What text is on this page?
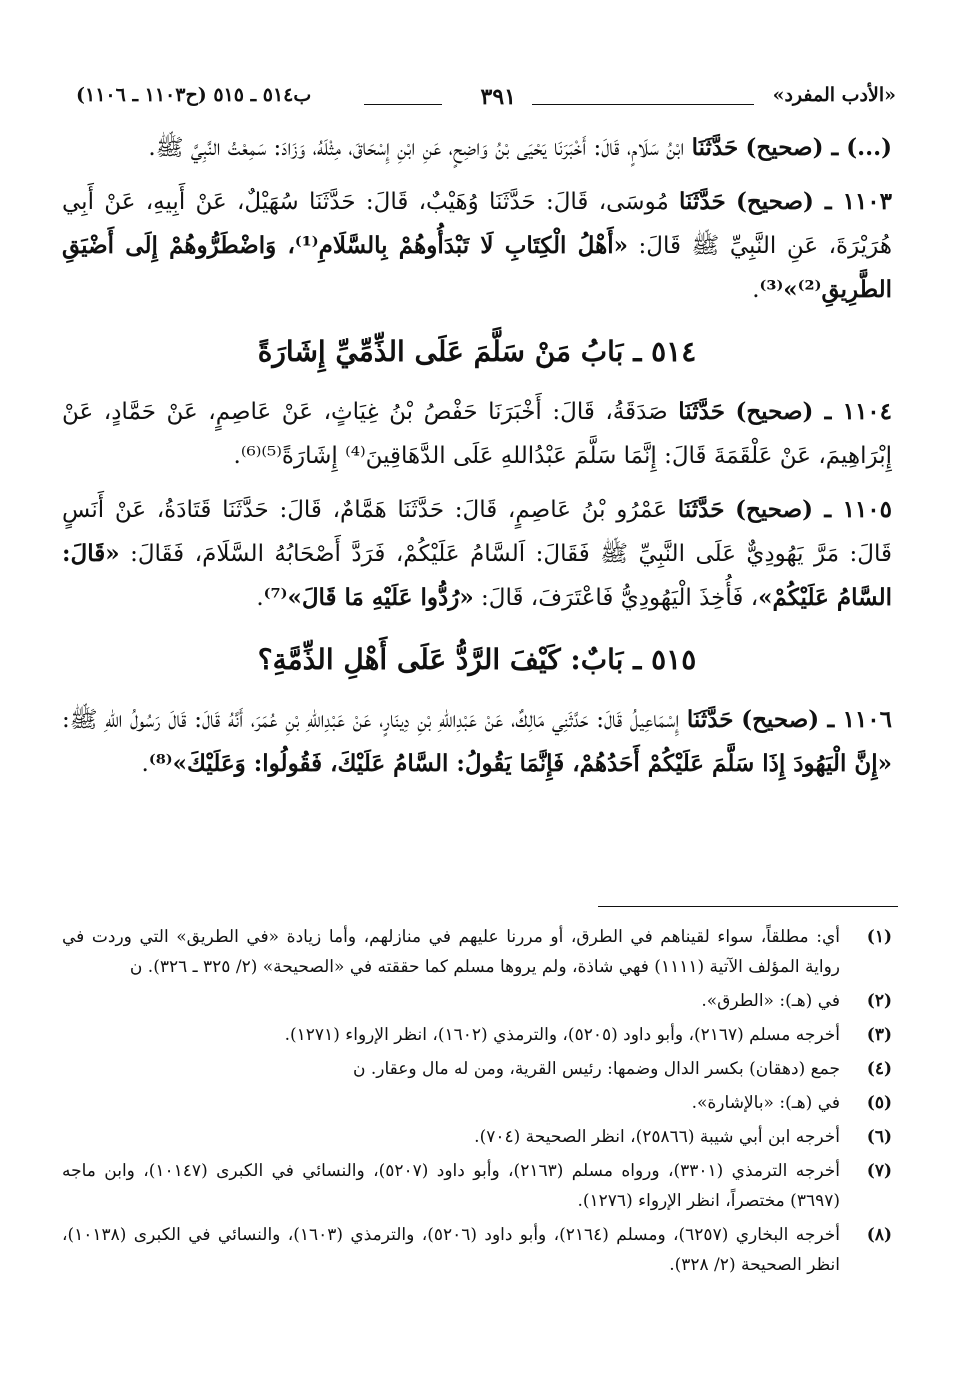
«الأدب المفرد»
٣٩١
ب٥١٤ ـ ٥١٥ (ح١١٠٣ ـ ١١٠٦)

(...) ـ (صحيح) حَدَّثَنَا ابْنُ سَلَامٍ، قَالَ: أَخْبَرَنَا يَحْيَى بْنُ وَاضِحٍ، عَنِ ابْنِ إِسْحَاقَ، مِثْلَهُ، وَزَادَ: سَمِعْتُ النَّبِيَّ ﷺ.

١١٠٣ ـ (صحيح) حَدَّثَنَا مُوسَى، قَالَ: حَدَّثَنَا وُهَيْبٌ، قَالَ: حَدَّثَنَا سُهَيْلٌ، عَنْ أَبِيهِ، عَنْ أَبِي هُرَيْرَةَ، عَنِ النَّبِيِّ ﷺ قَالَ: «أَهْلُ الْكِتَابِ لَا تَبْدَأُوهُمْ بِالسَّلَامِ⁽¹⁾، وَاضْطَرُّوهُمْ إِلَى أَضْيَقِ الطَّرِيقِ⁽²⁾»⁽³⁾.

٥١٤ ـ بَابُ مَنْ سَلَّمَ عَلَى الذِّمِّيِّ إِشَارَةً

١١٠٤ ـ (صحيح) حَدَّثَنَا صَدَقَةُ، قَالَ: أَخْبَرَنَا حَفْصُ بْنُ غِيَاثٍ، عَنْ عَاصِمٍ، عَنْ حَمَّادٍ، عَنْ إِبْرَاهِيمَ، عَنْ عَلْقَمَةَ قَالَ: إِنَّمَا سَلَّمَ عَبْدُاللهِ عَلَى الدَّهَاقِينَ⁽⁴⁾ إِشَارَةً⁽⁵⁾⁽⁶⁾.

١١٠٥ ـ (صحيح) حَدَّثَنَا عَمْرُو بْنُ عَاصِمٍ، قَالَ: حَدَّثَنَا هَمَّامٌ، قَالَ: حَدَّثَنَا قَتَادَةُ، عَنْ أَنَسٍ قَالَ: مَرَّ يَهُودِيٌّ عَلَى النَّبِيِّ ﷺ فَقَالَ: اَلسَّامُ عَلَيْكُمْ، فَرَدَّ أَصْحَابُهُ السَّلَامَ، فَقَالَ: «قَالَ: السَّامُ عَلَيْكُمْ»، فَأُخِذَ الْيَهُودِيُّ فَاعْتَرَفَ، قَالَ: «رُدُّوا عَلَيْهِ مَا قَالَ»⁽⁷⁾.

٥١٥ ـ بَابٌ: كَيْفَ الرَّدُّ عَلَى أَهْلِ الذِّمَّةِ؟

١١٠٦ ـ (صحيح) حَدَّثَنَا إِسْمَاعِيلُ قَالَ: حَدَّثَنِي مَالِكٌ، عَنْ عَبْدِاللهِ بْنِ دِينَارٍ، عَنْ عَبْدِاللهِ بْنِ عُمَرَ، أَنَّهُ قَالَ: قَالَ رَسُولُ اللهِ ﷺ: «إِنَّ الْيَهُودَ إِذَا سَلَّمَ عَلَيْكُمْ أَحَدُهُمْ، فَإِنَّمَا يَقُولُ: السَّامُ عَلَيْكَ، فَقُولُوا: وَعَلَيْكَ»⁽⁸⁾.

(١)
أي: مطلقاً، سواء لقيناهم في الطرق، أو مررنا عليهم في منازلهم، وأما زيادة «في الطريق» التي وردت في رواية المؤلف الآتية (١١١١) فهي شاذة، ولم يروها مسلم كما حققته في «الصحيحة» (٢/ ٣٢٥ ـ ٣٢٦). ن
(٢)
في (هـ): «الطرق».
(٣)
أخرجه مسلم (٢١٦٧)، وأبو داود (٥٢٠٥)، والترمذي (١٦٠٢)، انظر الإرواء (١٢٧١).
(٤)
جمع (دهقان) بكسر الدال وضمها: رئيس القرية، ومن له مال وعقار. ن
(٥)
في (هـ): «بالإشارة».
(٦)
أخرجه ابن أبي شيبة (٢٥٨٦٦)، انظر الصحيحة (٧٠٤).
(٧)
أخرجه الترمذي (٣٣٠١)، ورواه مسلم (٢١٦٣)، وأبو داود (٥٢٠٧)، والنسائي في الكبرى (١٠١٤٧)، وابن ماجه (٣٦٩٧) مختصراً، انظر الإرواء (١٢٧٦).
(٨)
أخرجه البخاري (٦٢٥٧)، ومسلم (٢١٦٤)، وأبو داود (٥٢٠٦)، والترمذي (١٦٠٣)، والنسائي في الكبرى (١٠١٣٨)، انظر الصحيحة (٢/ ٣٢٨).
